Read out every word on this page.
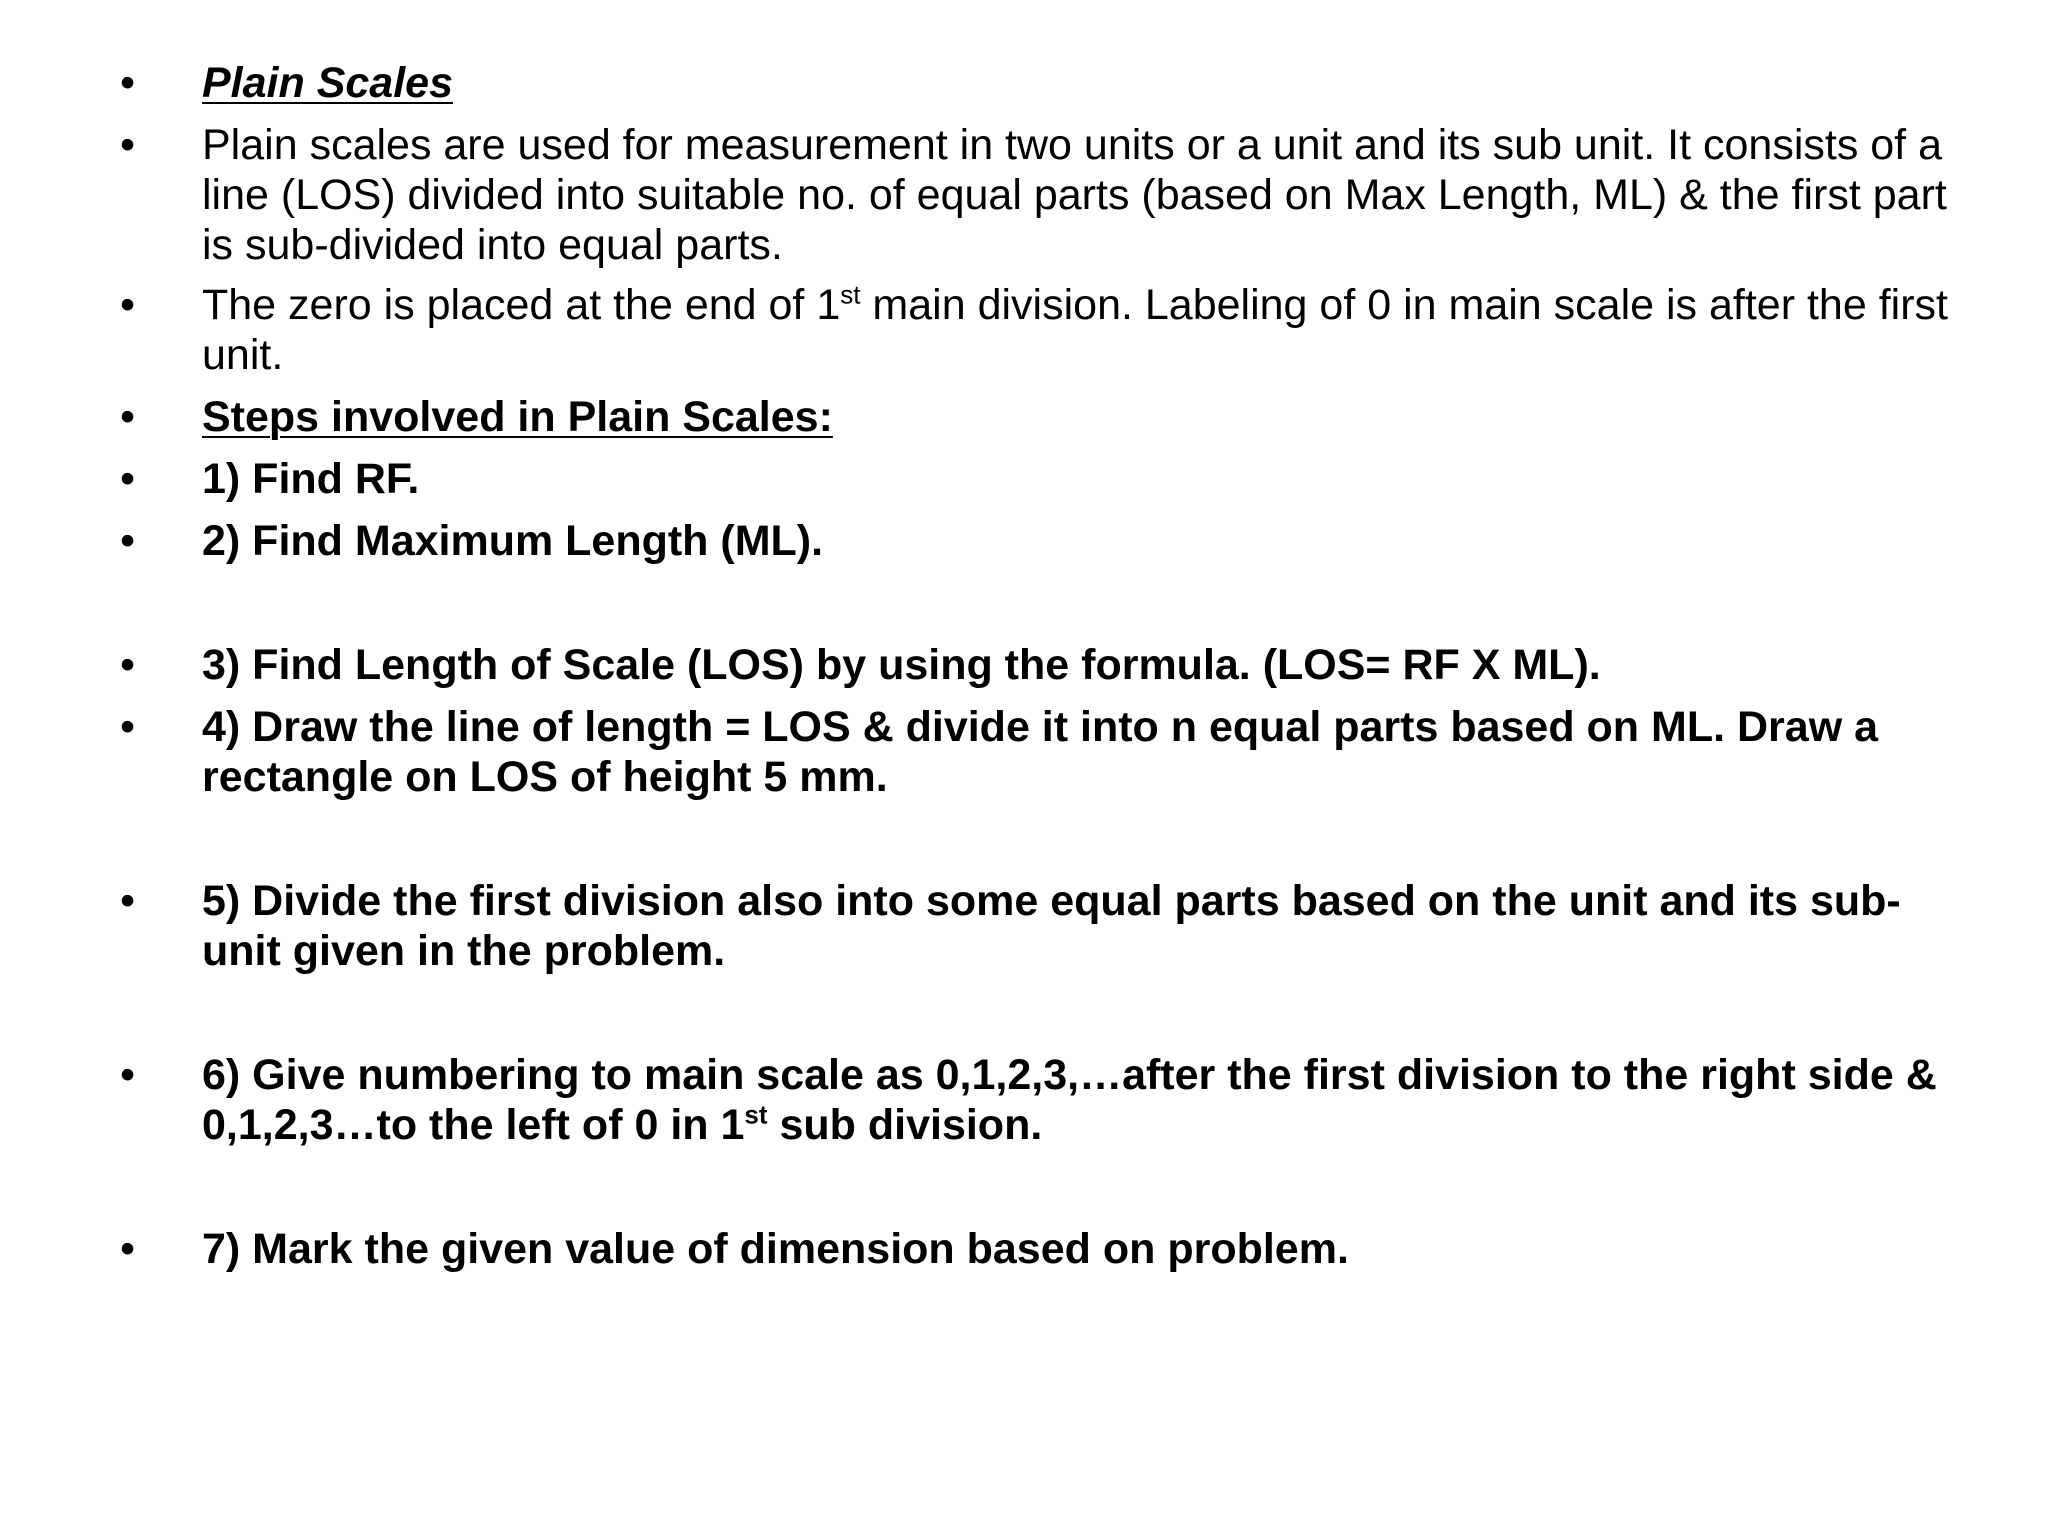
•	Plain Scales
•	Plain scales are used for measurement in two units or a unit and its sub unit. It consists of a line (LOS) divided into suitable no. of equal parts (based on Max Length, ML) & the first part is sub-divided into equal parts.
•	The zero is placed at the end of 1st main division. Labeling of 0 in main scale is after the first unit.
•	Steps involved in Plain Scales:
•	1) Find RF.
•	2) Find Maximum Length (ML).
•	3) Find Length of Scale (LOS) by using the formula. (LOS= RF X ML).
•	4) Draw the line of length = LOS & divide it into n equal parts based on ML. Draw a rectangle on LOS of height 5 mm.
•	5) Divide the first division also into some equal parts based on the unit and its sub-unit given in the problem.
•	6) Give numbering to main scale as 0,1,2,3,…after the first division to the right side & 0,1,2,3…to the left of 0 in 1st sub division.
•	7) Mark the given value of dimension based on problem.
